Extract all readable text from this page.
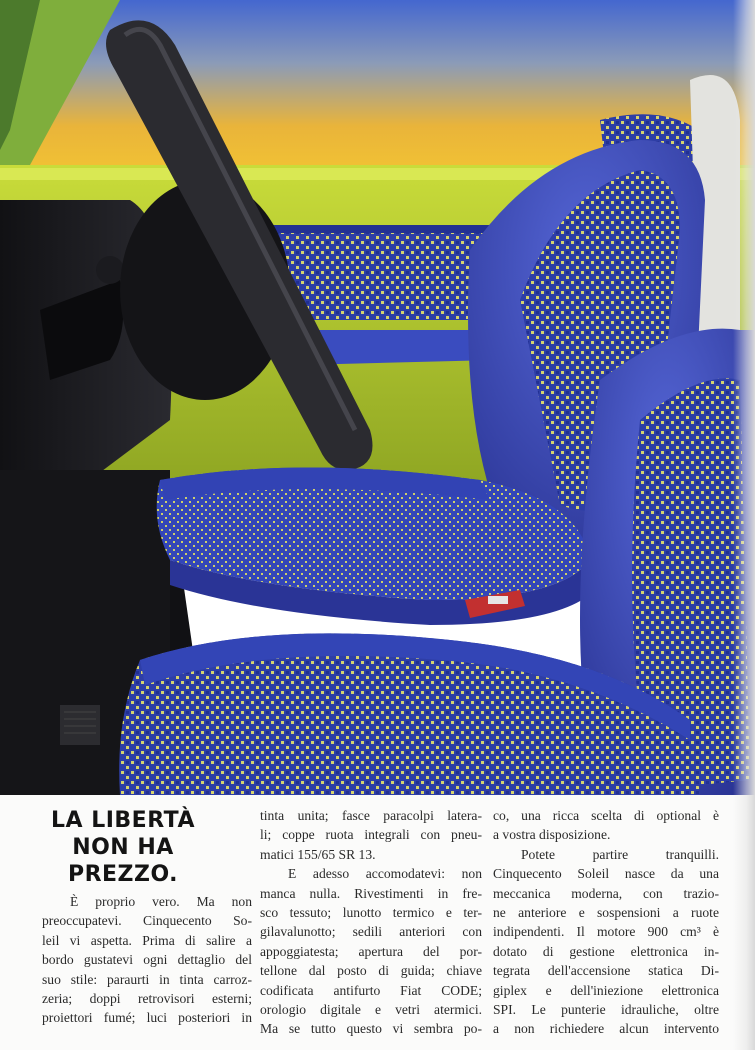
LA LIBERTÀ
NON HA
PREZZO.
È proprio vero. Ma non
preoccupatevi. Cinquecento So-
leil vi aspetta. Prima di salire a
bordo gustatevi ogni dettaglio del
suo stile: paraurti in tinta carroz-
zeria; doppi retrovisori esterni;
proiettori fumé; luci posteriori in
tinta unita; fasce paracolpi latera-
li; coppe ruota integrali con pneu-
matici 155/65 SR 13.
E adesso accomodatevi: non
manca nulla. Rivestimenti in fre-
sco tessuto; lunotto termico e ter-
gilavalunotto; sedili anteriori con
appoggiatesta; apertura del por-
tellone dal posto di guida; chiave
codificata antifurto Fiat CODE;
orologio digitale e vetri atermici.
Ma se tutto questo vi sembra po-
co, una ricca scelta di optional è
a vostra disposizione.
Potete partire tranquilli.
Cinquecento Soleil nasce da una
meccanica moderna, con trazio-
ne anteriore e sospensioni a ruote
indipendenti. Il motore 900 cm³ è
dotato di gestione elettronica in-
tegrata dell'accensione statica Di-
giplex e dell'iniezione elettronica
SPI. Le punterie idrauliche, oltre
a non richiedere alcun intervento
